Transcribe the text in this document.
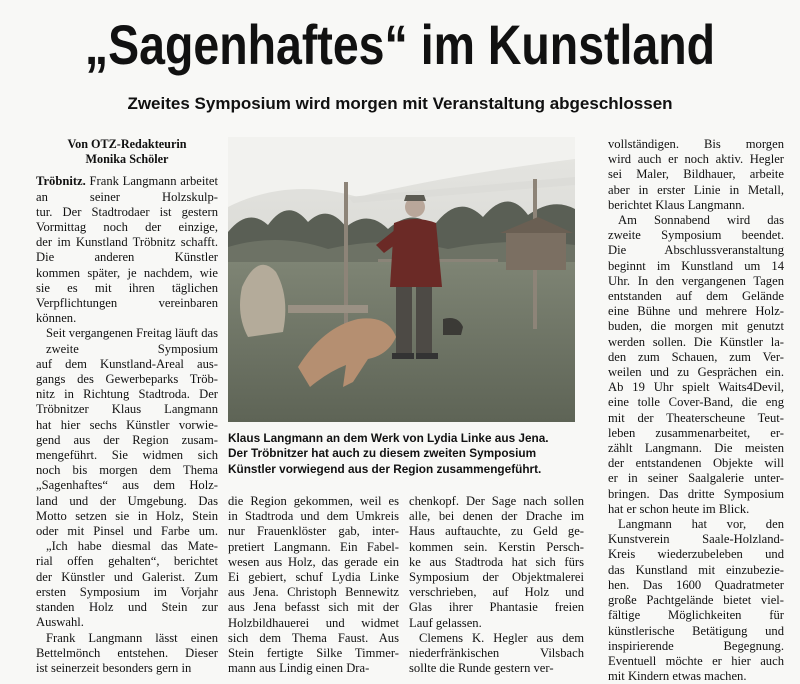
„Sagenhaftes“ im Kunstland
Zweites Symposium wird morgen mit Veranstaltung abgeschlossen

Von OTZ-Redakteurin

Monika Schöler

Tröbnitz. Frank Langmann arbeitet an seiner Holzskulp-
tur. Der Stadtrodaer ist gestern Vormittag noch der einzige,
der im Kunstland Tröbnitz schafft. Die anderen Künstler
kommen später, je nachdem, wie sie es mit ihren täglichen
Verpflichtungen vereinbaren können.
Seit vergangenen Freitag läuft das zweite Symposium
auf dem Kunstland-Areal aus-
gangs des Gewerbeparks Tröb-
nitz in Richtung Stadtroda. Der
Tröbnitzer Klaus Langmann
hat hier sechs Künstler vorwie-
gend aus der Region zusam-
mengeführt. Sie widmen sich
noch bis morgen dem Thema
„Sagenhaftes“ aus dem Holz-
land und der Umgebung. Das
Motto setzen sie in Holz, Stein
oder mit Pinsel und Farbe um.
„Ich habe diesmal das Mate-
rial offen gehalten“, berichtet
der Künstler und Galerist. Zum
ersten Symposium im Vorjahr
standen Holz und Stein zur
Auswahl.
Frank Langmann lässt einen
Bettelmönch entstehen. Dieser
ist seinerzeit besonders gern in

Klaus Langmann an dem Werk von Lydia Linke aus Jena.

Der Tröbnitzer hat auch zu diesem zweiten Symposium

Künstler vorwiegend aus der Region zusammengeführt.

die Region gekommen, weil es
in Stadtroda und dem Umkreis
nur Frauenklöster gab, inter-
pretiert Langmann. Ein Fabel-
wesen aus Holz, das gerade ein
Ei gebiert, schuf Lydia Linke
aus Jena. Christoph Bennewitz
aus Jena befasst sich mit der
Holzbildhauerei und widmet
sich dem Thema Faust. Aus
Stein fertigte Silke Timmer-
mann aus Lindig einen Dra-
chenkopf. Der Sage nach sollen
alle, bei denen der Drache im
Haus auftauchte, zu Geld ge-
kommen sein. Kerstin Persch-
ke aus Stadtroda hat sich fürs
Symposium der Objektmalerei
verschrieben, auf Holz und
Glas ihrer Phantasie freien
Lauf gelassen.
Clemens K. Hegler aus dem
niederfränkischen Vilsbach
sollte die Runde gestern ver-
vollständigen. Bis morgen
wird auch er noch aktiv. Hegler
sei Maler, Bildhauer, arbeite
aber in erster Linie in Metall,
berichtet Klaus Langmann.
Am Sonnabend wird das
zweite Symposium beendet.
Die Abschlussveranstaltung
beginnt im Kunstland um 14
Uhr. In den vergangenen Tagen
entstanden auf dem Gelände
eine Bühne und mehrere Holz-
buden, die morgen mit genutzt
werden sollen. Die Künstler la-
den zum Schauen, zum Ver-
weilen und zu Gesprächen ein.
Ab 19 Uhr spielt Waits4Devil,
eine tolle Cover-Band, die eng
mit der Theaterscheune Teut-
leben zusammenarbeitet, er-
zählt Langmann. Die meisten
der entstandenen Objekte will
er in seiner Saalgalerie unter-
bringen. Das dritte Symposium
hat er schon heute im Blick.
Langmann hat vor, den
Kunstverein Saale-Holzland-
Kreis wiederzubeleben und
das Kunstland mit einzubezie-
hen. Das 1600 Quadratmeter
große Pachtgelände bietet viel-
fältige Möglichkeiten für
künstlerische Betätigung und
inspirierende Begegnung.
Eventuell möchte er hier auch
mit Kindern etwas machen.
